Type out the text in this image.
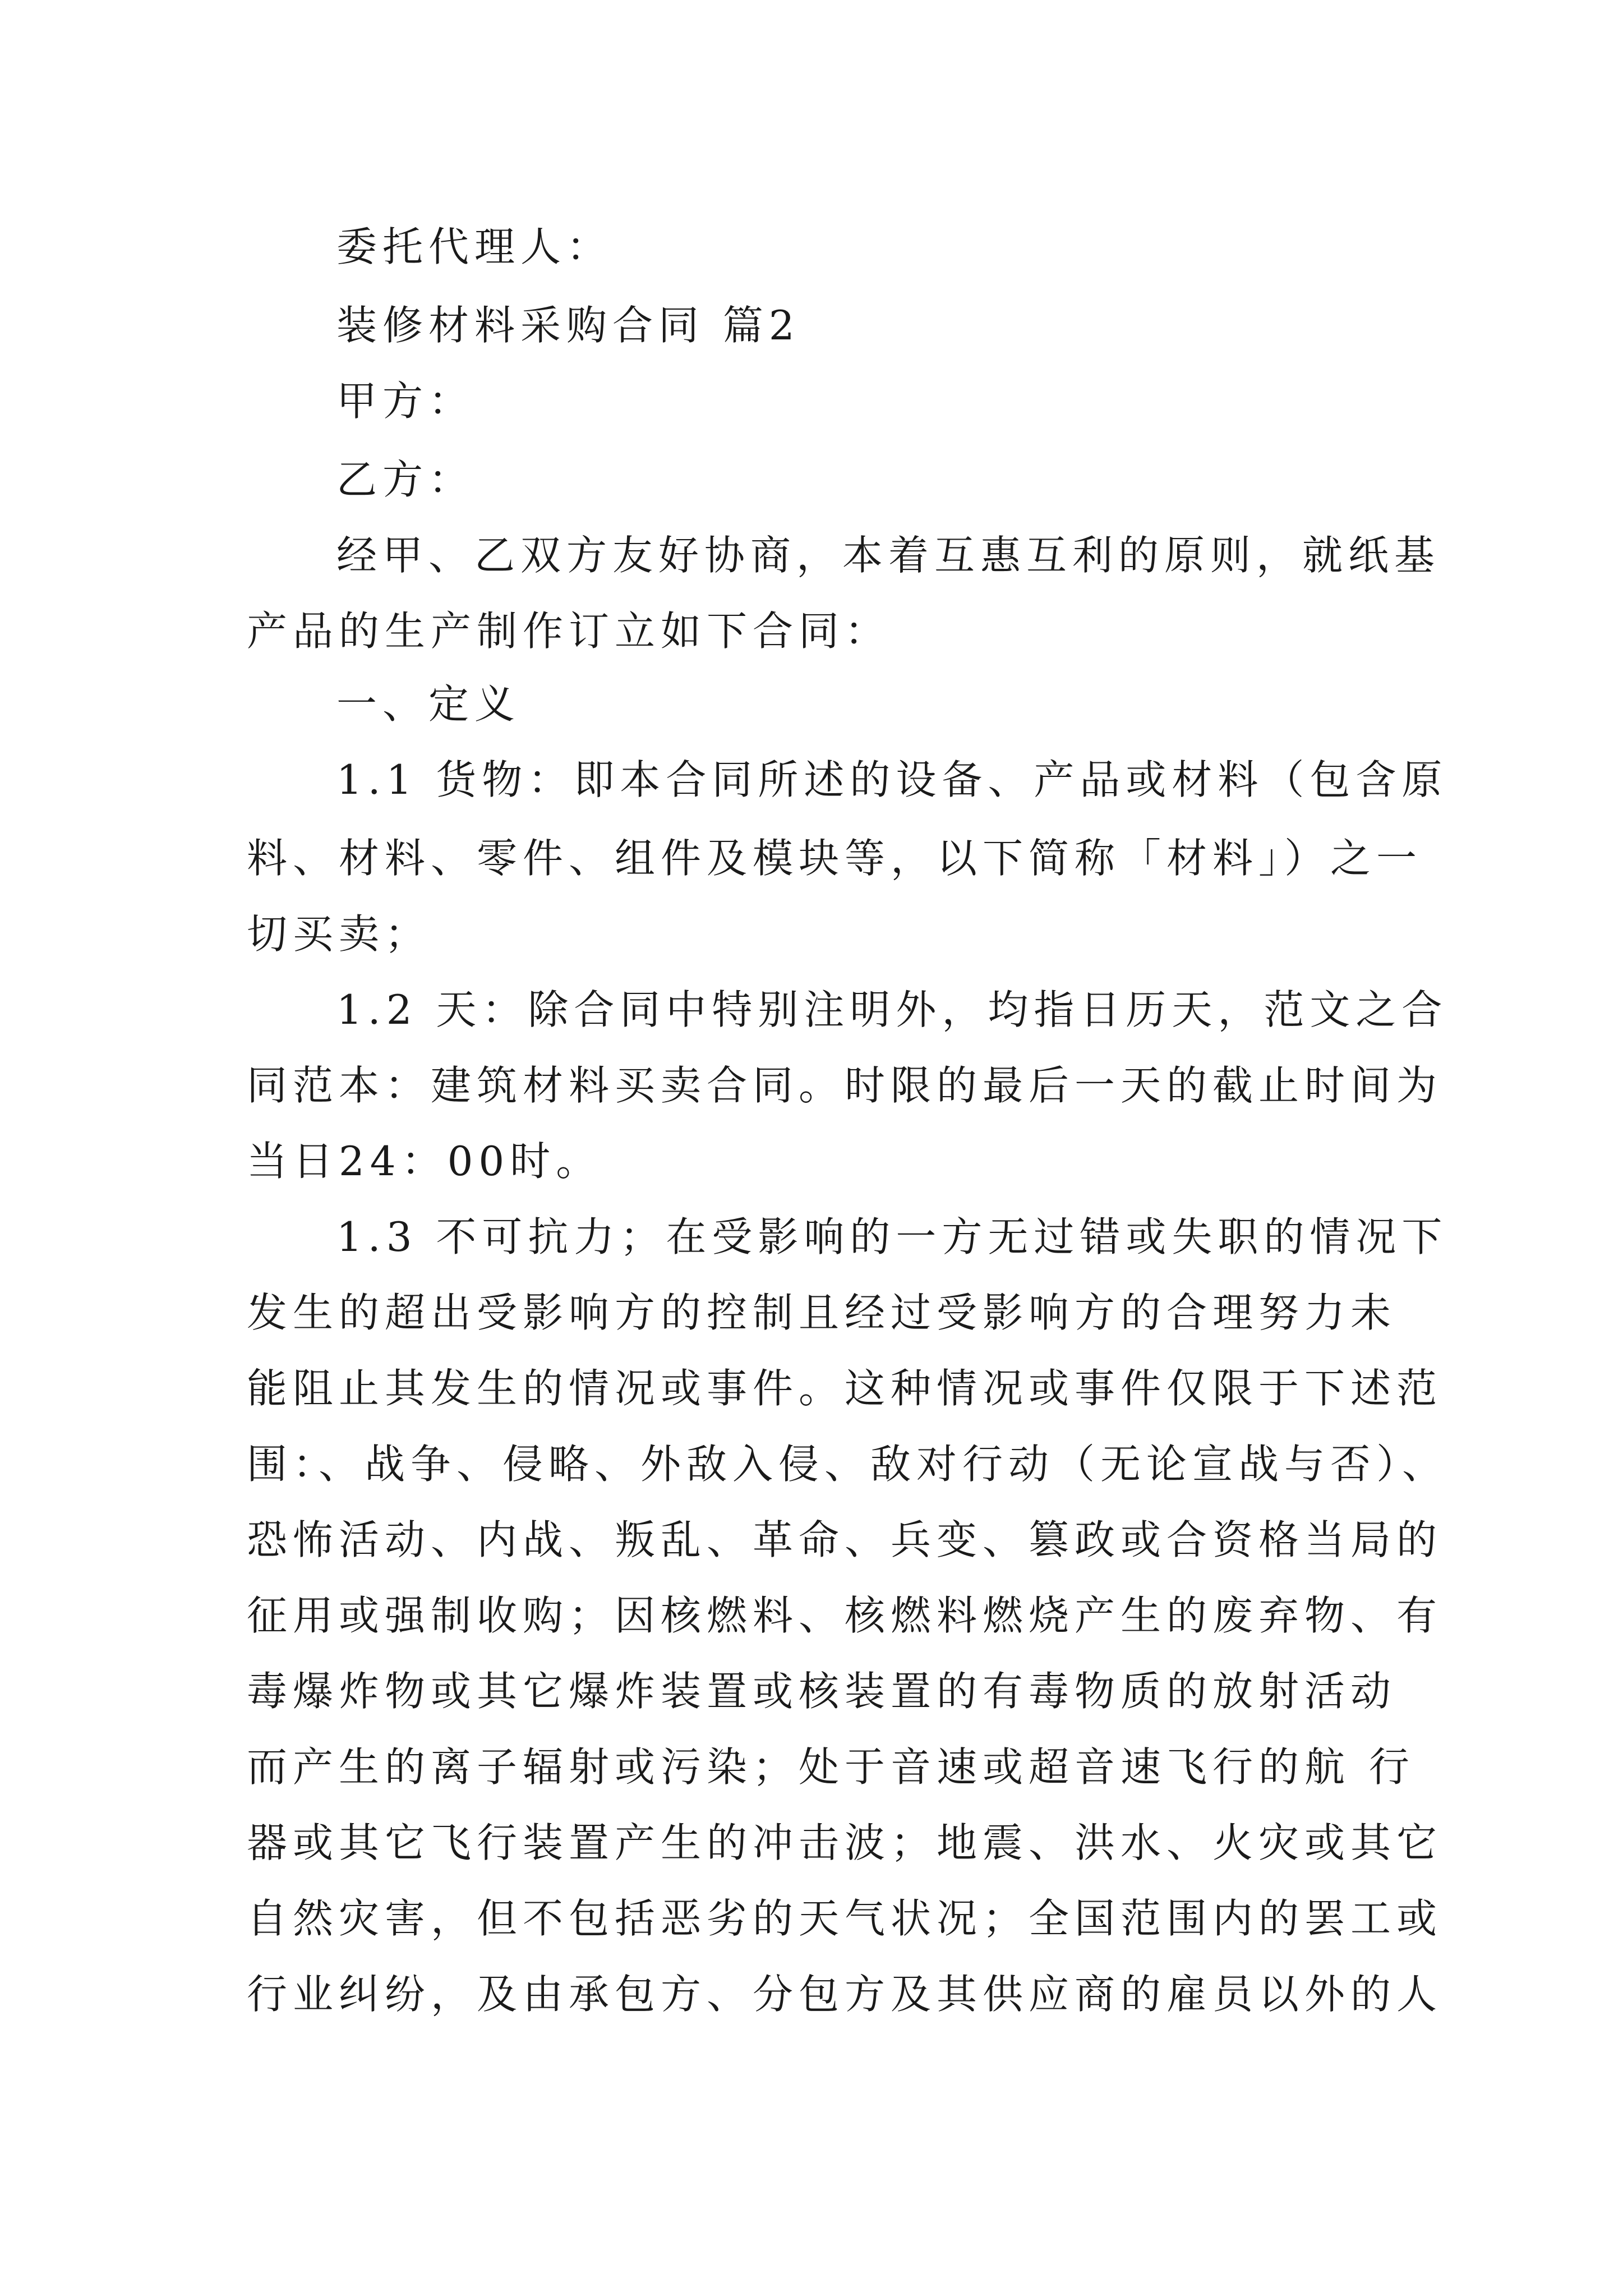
委托代理人：
装修材料采购合同 篇2
甲方：
乙方：
经甲、乙双方友好协商，本着互惠互利的原则，就纸基
产品的生产制作订立如下合同：
一、定义
1.1 货物：即本合同所述的设备、产品或材料（包含原
料、材料、零件、组件及模块等，以下简称「材料」）之一
切买卖；
1.2 天：除合同中特别注明外，均指日历天，范文之合
同范本：建筑材料买卖合同。时限的最后一天的截止时间为
当日24：00时。
1.3 不可抗力；在受影响的一方无过错或失职的情况下
发生的超出受影响方的控制且经过受影响方的合理努力未
能阻止其发生的情况或事件。这种情况或事件仅限于下述范
围：、战争、侵略、外敌入侵、敌对行动（无论宣战与否）、
恐怖活动、内战、叛乱、革命、兵变、篡政或合资格当局的
征用或强制收购；因核燃料、核燃料燃烧产生的废弃物、有
毒爆炸物或其它爆炸装置或核装置的有毒物质的放射活动
而产生的离子辐射或污染；处于音速或超音速飞行的航 行
器或其它飞行装置产生的冲击波；地震、洪水、火灾或其它
自然灾害，但不包括恶劣的天气状况；全国范围内的罢工或
行业纠纷，及由承包方、分包方及其供应商的雇员以外的人
